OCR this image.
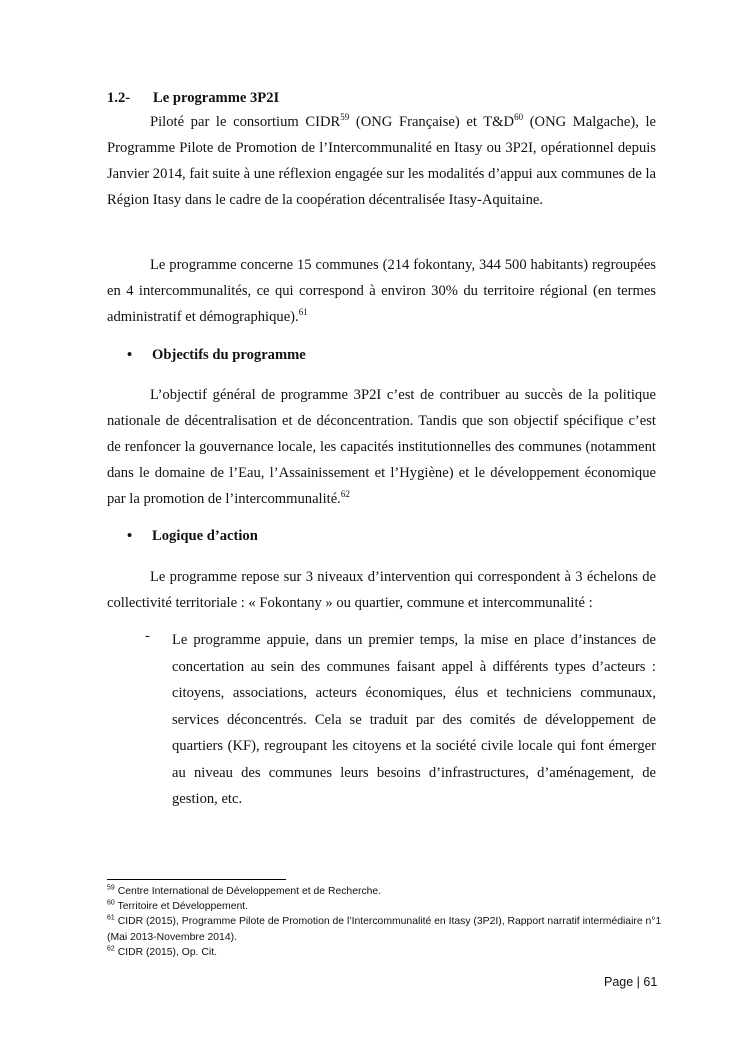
1.2- Le programme 3P2I

Piloté par le consortium CIDR$^{59}$ (ONG Française) et $T\&D^{60}$ (ONG Malgache), le Programme Pilote de Promotion de l’Intercommunalité en Itasy ou 3P2I, opérationnel depuis Janvier 2014, fait suite à une réflexion engagée sur les modalités d’appui aux communes de la Région Itasy dans le cadre de la coopération décentralisée Itasy-Aquitaine.

Le programme concerne 15 communes (214 fokontany, 344 500 habitants) regroupées en 4 intercommunalités, ce qui correspond à environ 30% du territoire régional (en termes administratif et démographique).$^{61}$

• Objectifs du programme

L’objectif général de programme 3P2I c’est de contribuer au succès de la politique nationale de décentralisation et de déconcentration. Tandis que son objectif spécifique c’est de renfoncer la gouvernance locale, les capacités institutionnelles des communes (notamment dans le domaine de l’Eau, l’Assainissement et l’Hygiène) et le développement économique par la promotion de l’intercommunalité.$^{62}$

• Logique d’action

Le programme repose sur 3 niveaux d’intervention qui correspondent à 3 échelons de collectivité territoriale : « Fokontany » ou quartier, commune et intercommunalité :

- Le programme appuie, dans un premier temps, la mise en place d’instances de concertation au sein des communes faisant appel à différents types d’acteurs : citoyens, associations, acteurs économiques, élus et techniciens communaux, services déconcentrés. Cela se traduit par des comités de développement de quartiers (KF), regroupant les citoyens et la société civile locale qui font émerger au niveau des communes leurs besoins d’infrastructures, d’aménagement, de gestion, etc.

$^{59}$ Centre International de Développement et de Recherche.
$^{60}$ Territoire et Développement.
$^{61}$ CIDR (2015), Programme Pilote de Promotion de l’Intercommunalité en Itasy (3P2I), Rapport narratif intermédiaire n°1 (Mai 2013-Novembre 2014).
$^{62}$ CIDR (2015), Op. Cit.
Page | 61
